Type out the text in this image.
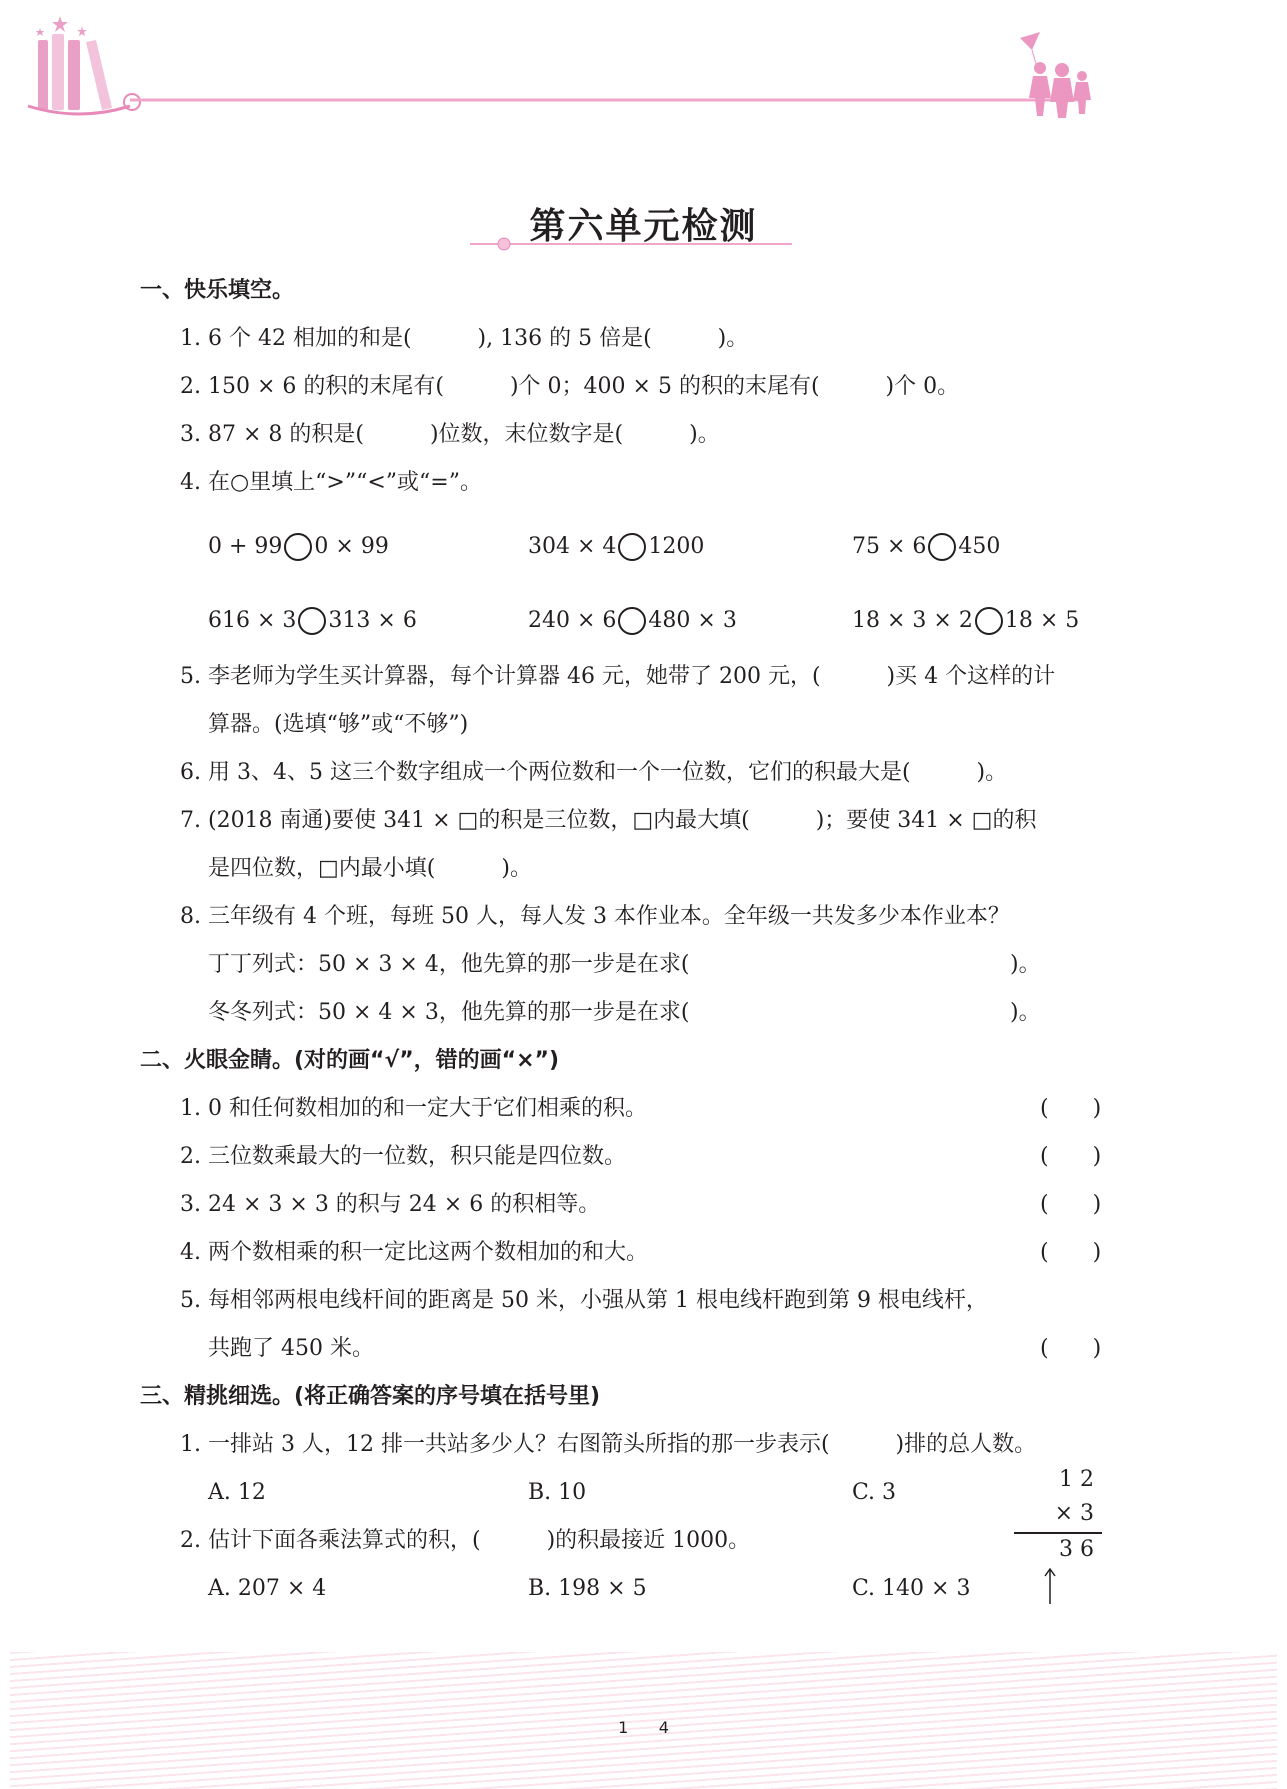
第六单元检测
一、快乐填空。
1. 6 个 42 相加的和是(　　　), 136 的 5 倍是(　　　)。
2. 150 × 6 的积的末尾有(　　　)个 0；400 × 5 的积的末尾有(　　　)个 0。
3. 87 × 8 的积是(　　　)位数，末位数字是(　　　)。
4. 在○里填上“>”“<”或“=”。
0 + 99 0 × 99	304 × 4 1200	75 × 6 450
616 × 3 313 × 6	240 × 6 480 × 3	18 × 3 × 2 18 × 5
5. 李老师为学生买计算器，每个计算器 46 元，她带了 200 元，(　　　)买 4 个这样的计
算器。(选填“够”或“不够”)
6. 用 3、4、5 这三个数字组成一个两位数和一个一位数，它们的积最大是(　　　)。
7. (2018 南通)要使 341 × □的积是三位数，□内最大填(　　　)；要使 341 × □的积
是四位数，□内最小填(　　　)。
8. 三年级有 4 个班，每班 50 人，每人发 3 本作业本。全年级一共发多少本作业本？
丁丁列式：50 × 3 × 4，他先算的那一步是在求(	)。
冬冬列式：50 × 4 × 3，他先算的那一步是在求(	)。
二、火眼金睛。(对的画“√”，错的画“×”)
1. 0 和任何数相加的和一定大于它们相乘的积。	(　　)
2. 三位数乘最大的一位数，积只能是四位数。	(　　)
3. 24 × 3 × 3 的积与 24 × 6 的积相等。	(　　)
4. 两个数相乘的积一定比这两个数相加的和大。	(　　)
5. 每相邻两根电线杆间的距离是 50 米，小强从第 1 根电线杆跑到第 9 根电线杆，
共跑了 450 米。	(　　)
三、精挑细选。(将正确答案的序号填在括号里)
1. 一排站 3 人，12 排一共站多少人？右图箭头所指的那一步表示(　　　)排的总人数。
A. 12	B. 10	C. 3
2. 估计下面各乘法算式的积，(　　　)的积最接近 1000。
A. 207 × 4	B. 198 × 5	C. 140 × 3
1 2
× 3
3 6
1      4
